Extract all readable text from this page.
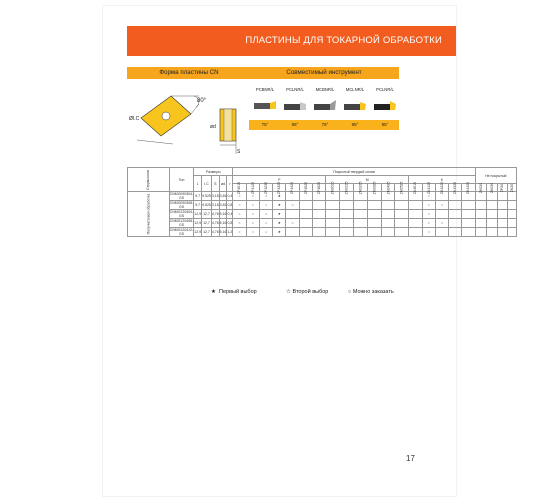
ПЛАСТИНЫ ДЛЯ ТОКАРНОЙ ОБРАБОТКИ
Форма пластины CN	Совместимый инструмент
80°
ØI.C
ød
S
PCBNR/L	PCLNR/L	MCBNR/L	MCLNR/L	PCLNR/L
75°	95°	75°	95°	95°
Стружколом	Тип	Размеры					Покрытый твердый сплав																		Не покрытый			
		L	I.C	S	ød	r	P							M						K								
							ZP4015	ZP4125	ZP4235	ZP4325	ZP4425	ZP4525	ZP4625	ZM3015	ZM3125	ZM3235	ZM3325	ZM3425	ZM3525	ZK4015	ZK4125	ZK4225	ZK4325	ZK4425	ZK020	ZK030	ZP20	ZK20
Получистовая обработка	CNMG090304-GS	9,7	9,525	3,18	3,81	0,4	○	○	○	★											○							
	CNMG090308-GS	9,7	9,525	3,18	3,81	0,8	○	○	☆	★	○										○	○						
	CNMG120404-GS	12,9	12,7	4,76	5,16	0,4	○	○	○	★											○							
	CNMG120408-GS	12,9	12,7	4,76	5,16	0,8	○	○	☆	★	○										○	○						
	CNMG120412-GS	12,9	12,7	4,76	5,16	1,2	○	○	☆	★											○							
★ Первый выбор	☆ Второй выбор	○ Можно заказать
17
